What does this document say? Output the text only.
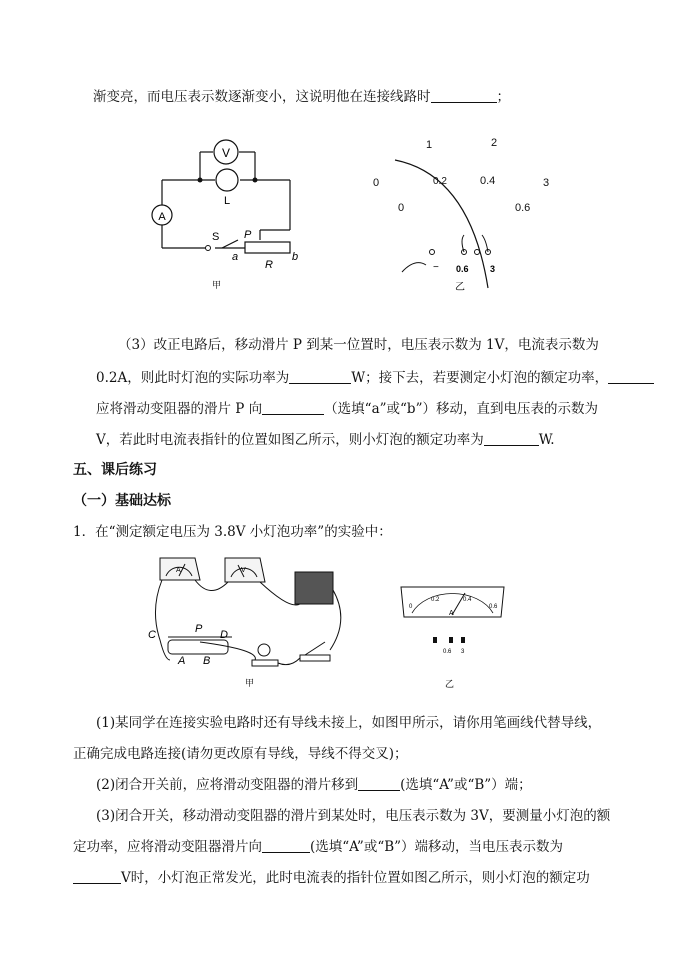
渐变亮，而电压表示数逐渐变小，这说明他在连接线路时	；
V
L
A
S P
a
R
b
甲
1	2
0	0.2	0.4	3
0	0.6
− 0.6 3
乙
（3）改正电路后，移动滑片 P 到某一位置时，电压表示数为 1V，电流表示数为
0.2A，则此时灯泡的实际功率为	W；接下去，若要测定小灯泡的额定功率，
应将滑动变阻器的滑片 P 向	（选填“a”或“b”）移动，直到电压表的示数为
V，若此时电流表指针的位置如图乙所示，则小灯泡的额定功率为	W.
五、课后练习
（一）基础达标
1．在“测定额定电压为 3.8V 小灯泡功率”的实验中：
C	P D
A B
A	V
甲
0
0.2	0.4
0.6
A
0.6 3
乙
(1)某同学在连接实验电路时还有导线未接上，如图甲所示，请你用笔画线代替导线，
正确完成电路连接(请勿更改原有导线，导线不得交叉)；
(2)闭合开关前，应将滑动变阻器的滑片移到	(选填“A”或“B”）端；
(3)闭合开关，移动滑动变阻器的滑片到某处时，电压表示数为 3V，要测量小灯泡的额
定功率，应将滑动变阻器滑片向	(选填“A”或“B”）端移动，当电压表示数为
V时，小灯泡正常发光，此时电流表的指针位置如图乙所示，则小灯泡的额定功
